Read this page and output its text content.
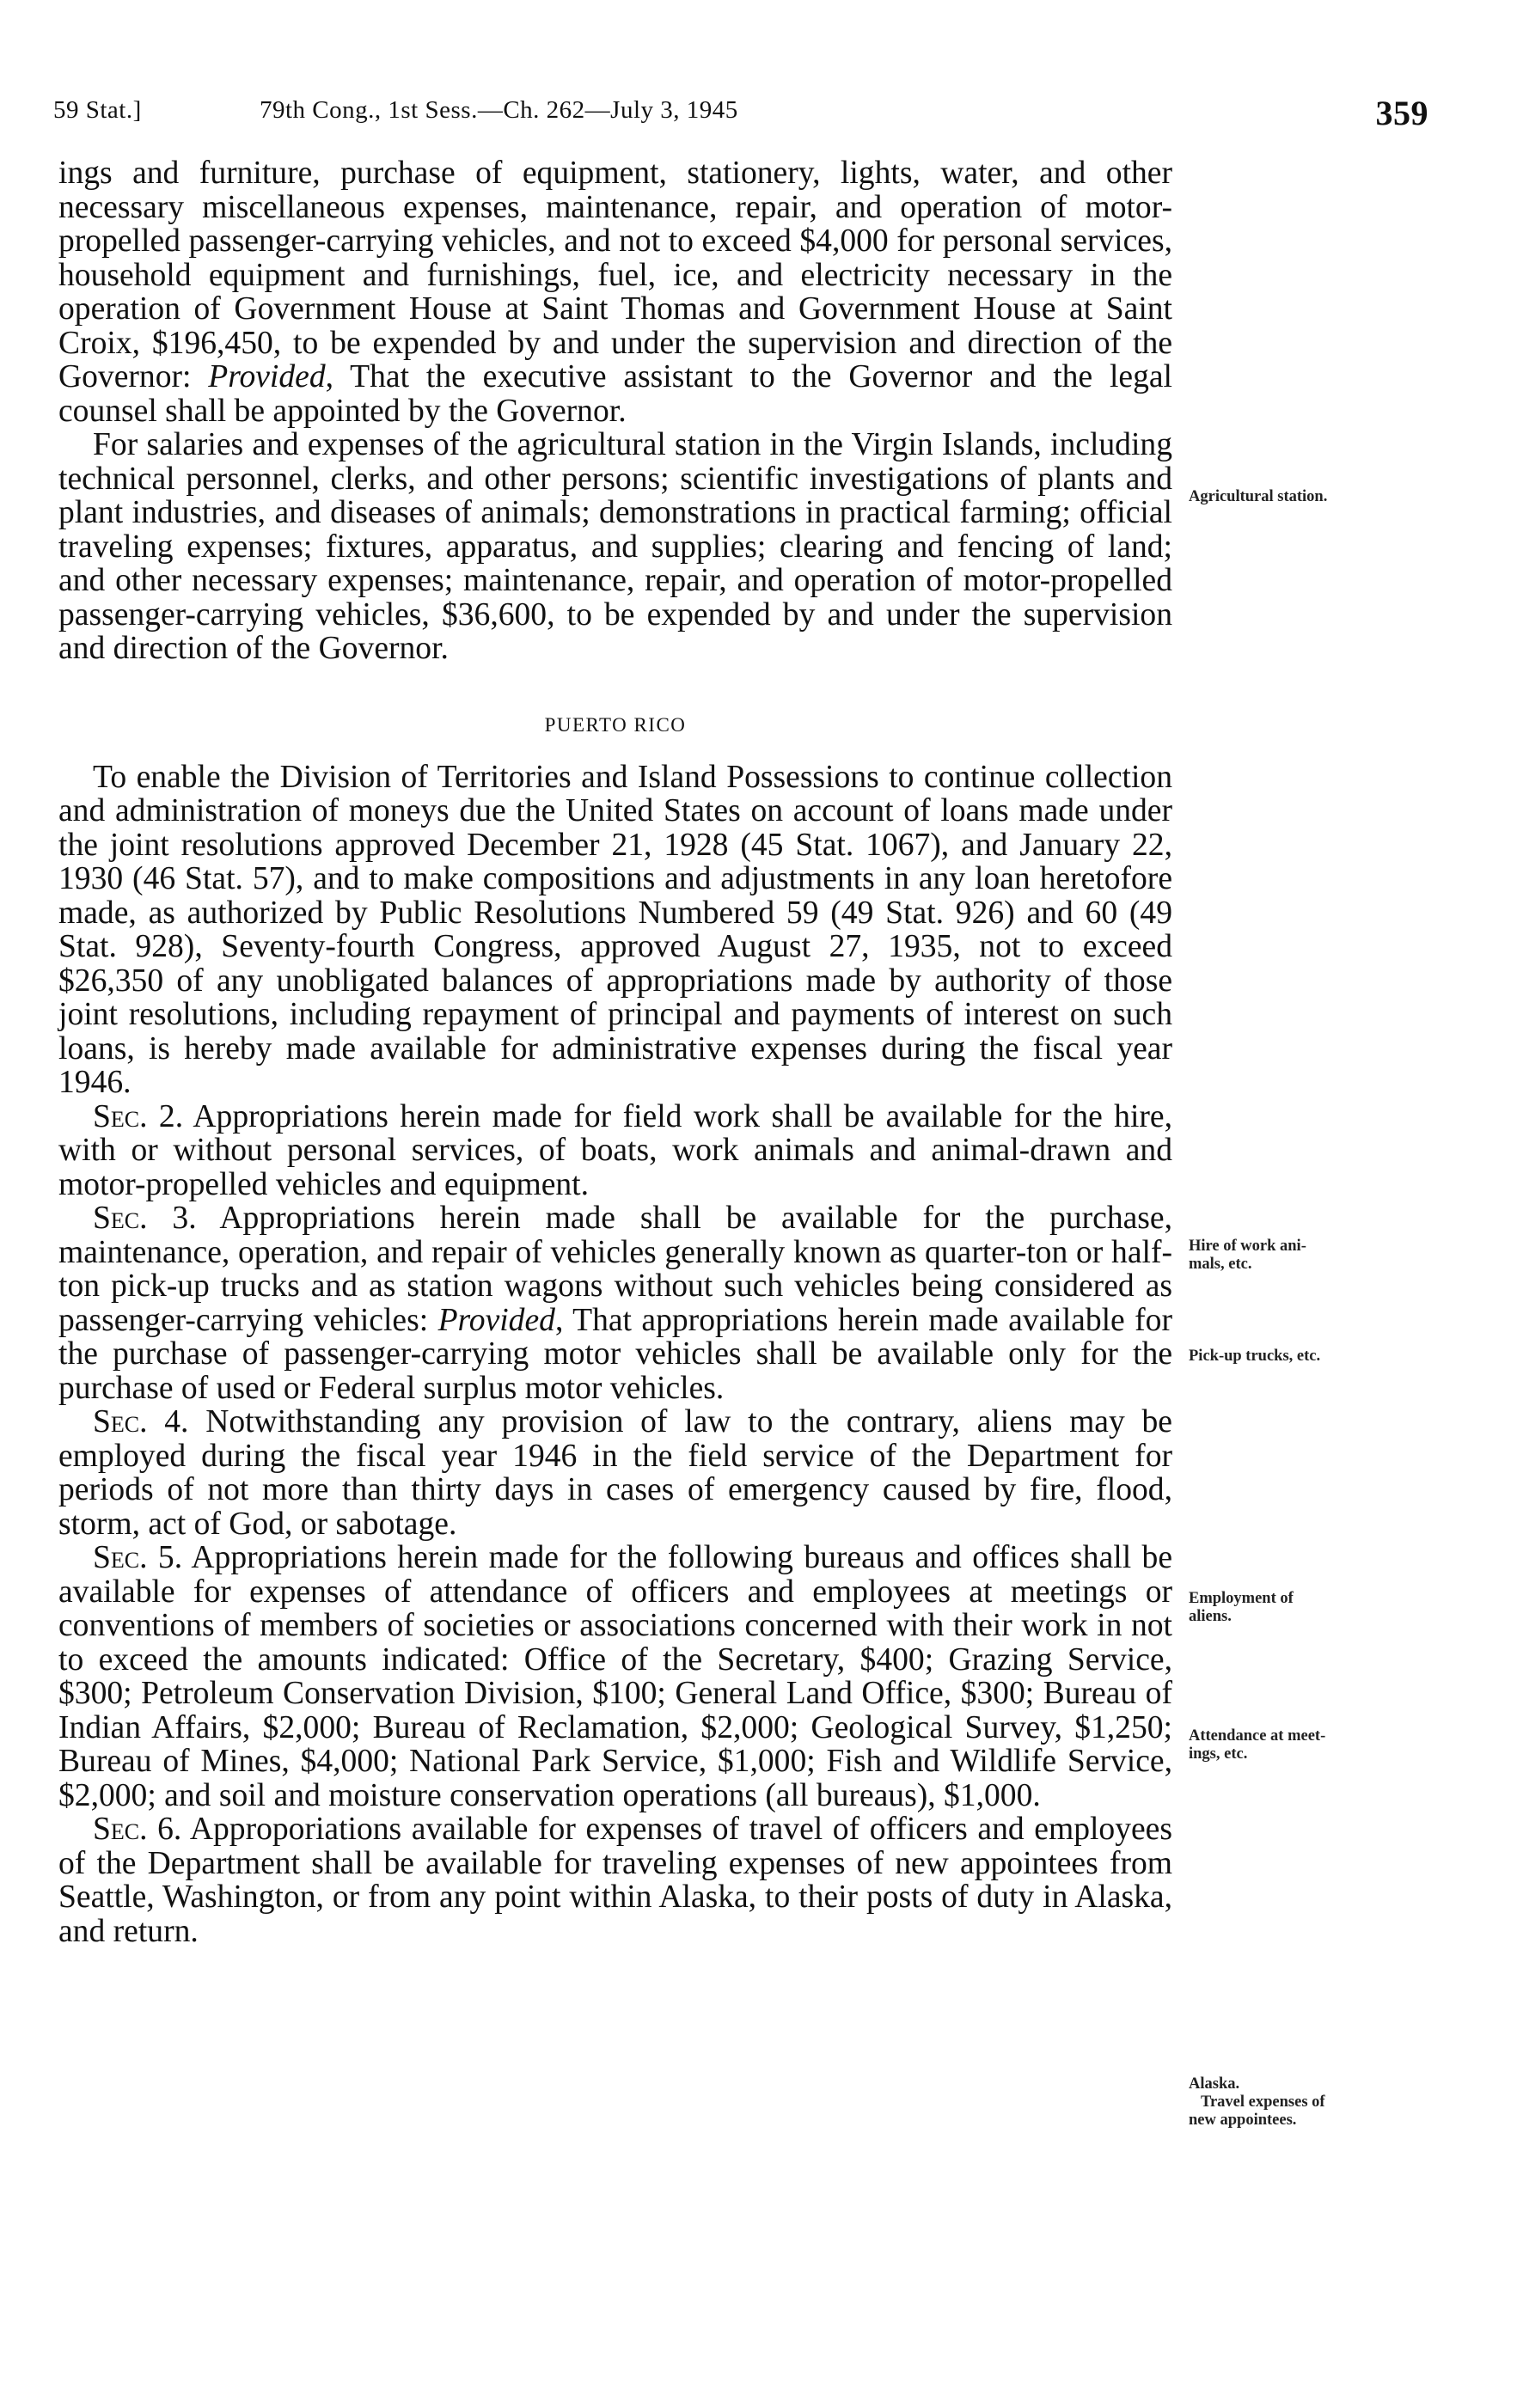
59 Stat.]	79th Cong., 1st Sess.—Ch. 262—July 3, 1945	359

ings and furniture, purchase of equipment, stationery, lights, water, and other necessary miscellaneous expenses, maintenance, repair, and operation of motor-propelled passenger-carrying vehicles, and not to exceed $4,000 for personal services, household equipment and furnishings, fuel, ice, and electricity necessary in the operation of Government House at Saint Thomas and Government House at Saint Croix, $196,450, to be expended by and under the supervision and direction of the Governor: Provided, That the executive assistant to the Governor and the legal counsel shall be appointed by the Governor.

For salaries and expenses of the agricultural station in the Virgin Islands, including technical personnel, clerks, and other persons; scientific investigations of plants and plant industries, and diseases of animals; demonstrations in practical farming; official traveling expenses; fixtures, apparatus, and supplies; clearing and fencing of land; and other necessary expenses; maintenance, repair, and operation of motor-propelled passenger-carrying vehicles, $36,600, to be expended by and under the supervision and direction of the Governor.

PUERTO RICO

To enable the Division of Territories and Island Possessions to continue collection and administration of moneys due the United States on account of loans made under the joint resolutions approved December 21, 1928 (45 Stat. 1067), and January 22, 1930 (46 Stat. 57), and to make compositions and adjustments in any loan heretofore made, as authorized by Public Resolutions Numbered 59 (49 Stat. 926) and 60 (49 Stat. 928), Seventy-fourth Congress, approved August 27, 1935, not to exceed $26,350 of any unobligated balances of appropriations made by authority of those joint resolutions, including repayment of principal and payments of interest on such loans, is hereby made available for administrative expenses during the fiscal year 1946.

Sec. 2. Appropriations herein made for field work shall be available for the hire, with or without personal services, of boats, work animals and animal-drawn and motor-propelled vehicles and equipment.

Sec. 3. Appropriations herein made shall be available for the purchase, maintenance, operation, and repair of vehicles generally known as quarter-ton or half-ton pick-up trucks and as station wagons without such vehicles being considered as passenger-carrying vehicles: Provided, That appropriations herein made available for the purchase of passenger-carrying motor vehicles shall be available only for the purchase of used or Federal surplus motor vehicles.

Sec. 4. Notwithstanding any provision of law to the contrary, aliens may be employed during the fiscal year 1946 in the field service of the Department for periods of not more than thirty days in cases of emergency caused by fire, flood, storm, act of God, or sabotage.

Sec. 5. Appropriations herein made for the following bureaus and offices shall be available for expenses of attendance of officers and employees at meetings or conventions of members of societies or associations concerned with their work in not to exceed the amounts indicated: Office of the Secretary, $400; Grazing Service, $300; Petroleum Conservation Division, $100; General Land Office, $300; Bureau of Indian Affairs, $2,000; Bureau of Reclamation, $2,000; Geological Survey, $1,250; Bureau of Mines, $4,000; National Park Service, $1,000; Fish and Wildlife Service, $2,000; and soil and moisture conservation operations (all bureaus), $1,000.

Sec. 6. Approporiations available for expenses of travel of officers and employees of the Department shall be available for traveling expenses of new appointees from Seattle, Washington, or from any point within Alaska, to their posts of duty in Alaska, and return.

Agricultural station.
Hire of work ani-
mals, etc.
Pick-up trucks, etc.
Employment of
aliens.
Attendance at meet-
ings, etc.
Alaska.

Travel expenses of
new appointees.
